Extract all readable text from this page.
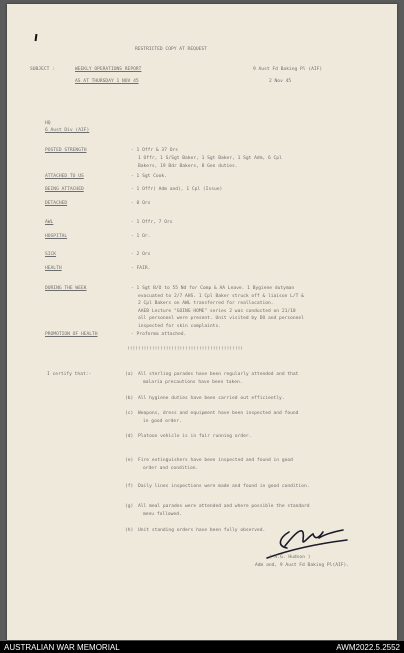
RESTRICTED COPY AT REQUEST
SUBJECT :	WEEKLY OPERATIONS REPORT
AS AT THURSDAY 1 NOV 45
9 Aust Fd Baking Pl (AIF)
2 Nov 45
HQ
6 Aust Div (AIF)
POSTED STRENGTH	- 1 Offr & 37 Ors
1 Offr, 1 S/Sgt Baker, 1 Sgt Baker, 1 Sgt Adm, 6 Cpl
Bakers, 19 Bdr Bakers, 8 Gen duties.
ATTACHED TO US	- 1 Sgt Cook.
BEING ATTACHED	- 1 Offr( Adm and), 1 Cpl (Issue)
DETACHED	- 8 Ors
AWL	- 1 Offr, 7 Ors
HOSPITAL	- 1 Or.
SICK	- 2 Ors
HEALTH	- FAIR.
DURING THE WEEK	- 1 Sgt B/O to 55 Nd for Comp & AA Leave. 1 Bygiene dutyman
evacuated to 2/7 AHS. 1 Cpl Baker struck off & liaison L/T &
2 Cpl Bakers on AWL transferred for reallocation.
AAEB Lecture "GOING HOME" series 2 was conducted on 21/10
all personnel were present. Unit visited by DO and personnel
inspected for skin complaints.
PROMOTION OF HEALTH	- Proforma attached.
!!!!!!!!!!!!!!!!!!!!!!!!!!!!!!!!!!!!!!!!!!
I certify that:-	(a) All sterling parades have been regularly attended and that
malaria precautions have been taken.
(b) All hygiene duties have been carried out efficiently.
(c) Weapons, dress and equipment have been inspected and found
in good order.
(d) Platoon vehicle is in fair running order.
(e) Fire extinguishers have been inspected and found in good
order and condition.
(f) Daily lines inspections were made and found in good condition.
(g) All meal parades were attended and where possible the standard
menu followed.
(h) Unit standing orders have been fully observed.
( A.G. Hudson )
Adm and, 9 Aust Fd Baking Pl(AIF).
AUSTRALIAN WAR MEMORIAL	AWM2022.5.2552
